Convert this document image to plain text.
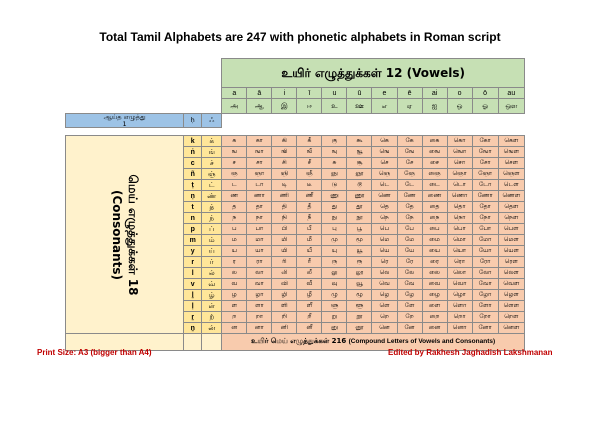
Total Tamil Alphabets are 247 with phonetic alphabets in Roman script
			உயிர் எழுத்துக்கள் 12 (Vowels)											
			a	ā	i	ī	u	ū	e	ē	ai	o	ō	au
			அ	ஆ	இ	ஈ	உ	ஊ	எ	ஏ	ஐ	ஒ	ஓ	ஔ
ஆய்த எழுத்து
1	ḥ	ஃ												

மெய் எழுத்துக்கள் 18
(Consonants)	k	க்	க	கா	கி	கீ	கு	கூ	கெ	கே	கை	கொ	கோ	கௌ
	ṅ	ங்	ங	ஙா	ஙி	ஙீ	ஙு	ஙூ	ஙெ	ஙே	ஙை	ஙொ	ஙோ	ஙௌ
	c	ச்	ச	சா	சி	சீ	சு	சூ	செ	சே	சை	சொ	சோ	சௌ
	ñ	ஞ்	ஞ	ஞா	ஞி	ஞீ	ஞு	ஞூ	ஞெ	ஞே	ஞை	ஞொ	ஞோ	ஞௌ
	ṭ	ட்	ட	டா	டி	டீ	டு	டூ	டெ	டே	டை	டொ	டோ	டௌ
	ṇ	ண்	ண	ணா	ணி	ணீ	ணு	ணூ	ணெ	ணே	ணை	ணொ	ணோ	ணௌ
	t	த்	த	தா	தி	தீ	து	தூ	தெ	தே	தை	தொ	தோ	தௌ
	n	ந்	ந	நா	நி	நீ	நு	நூ	நெ	நே	நை	நொ	நோ	நௌ
	p	ப்	ப	பா	பி	பீ	பு	பூ	பெ	பே	பை	பொ	போ	பௌ
	m	ம்	ம	மா	மி	மீ	மு	மூ	மெ	மே	மை	மொ	மோ	மௌ
	y	ய்	ய	யா	யி	யீ	யு	யூ	யெ	யே	யை	யொ	யோ	யௌ
	r	ர்	ர	ரா	ரி	ரீ	ரு	ரூ	ரெ	ரே	ரை	ரொ	ரோ	ரௌ
	l	ல்	ல	லா	லி	லீ	லு	லூ	லெ	லே	லை	லொ	லோ	லௌ
	v	வ்	வ	வா	வி	வீ	வு	வூ	வெ	வே	வை	வொ	வோ	வௌ
	ḻ	ழ்	ழ	ழா	ழி	ழீ	ழு	ழூ	ழெ	ழே	ழை	ழொ	ழோ	ழௌ
	ḷ	ள்	ள	ளா	ளி	ளீ	ளு	ளூ	ளெ	ளே	ளை	ளொ	ளோ	ளௌ
	ṟ	ற்	ற	றா	றி	றீ	று	றூ	றெ	றே	றை	றொ	றோ	றௌ
	ṉ	ன்	ன	னா	னி	னீ	னு	னூ	னெ	னே	னை	னொ	னோ	னௌ
			உயிர் மெய் எழுத்துக்கள் 216 (Compound Letters of Vowels and Consonants)											
Print Size: A3 (bigger than A4)	Edited by Rakhesh Jaghadish Lakshmanan
